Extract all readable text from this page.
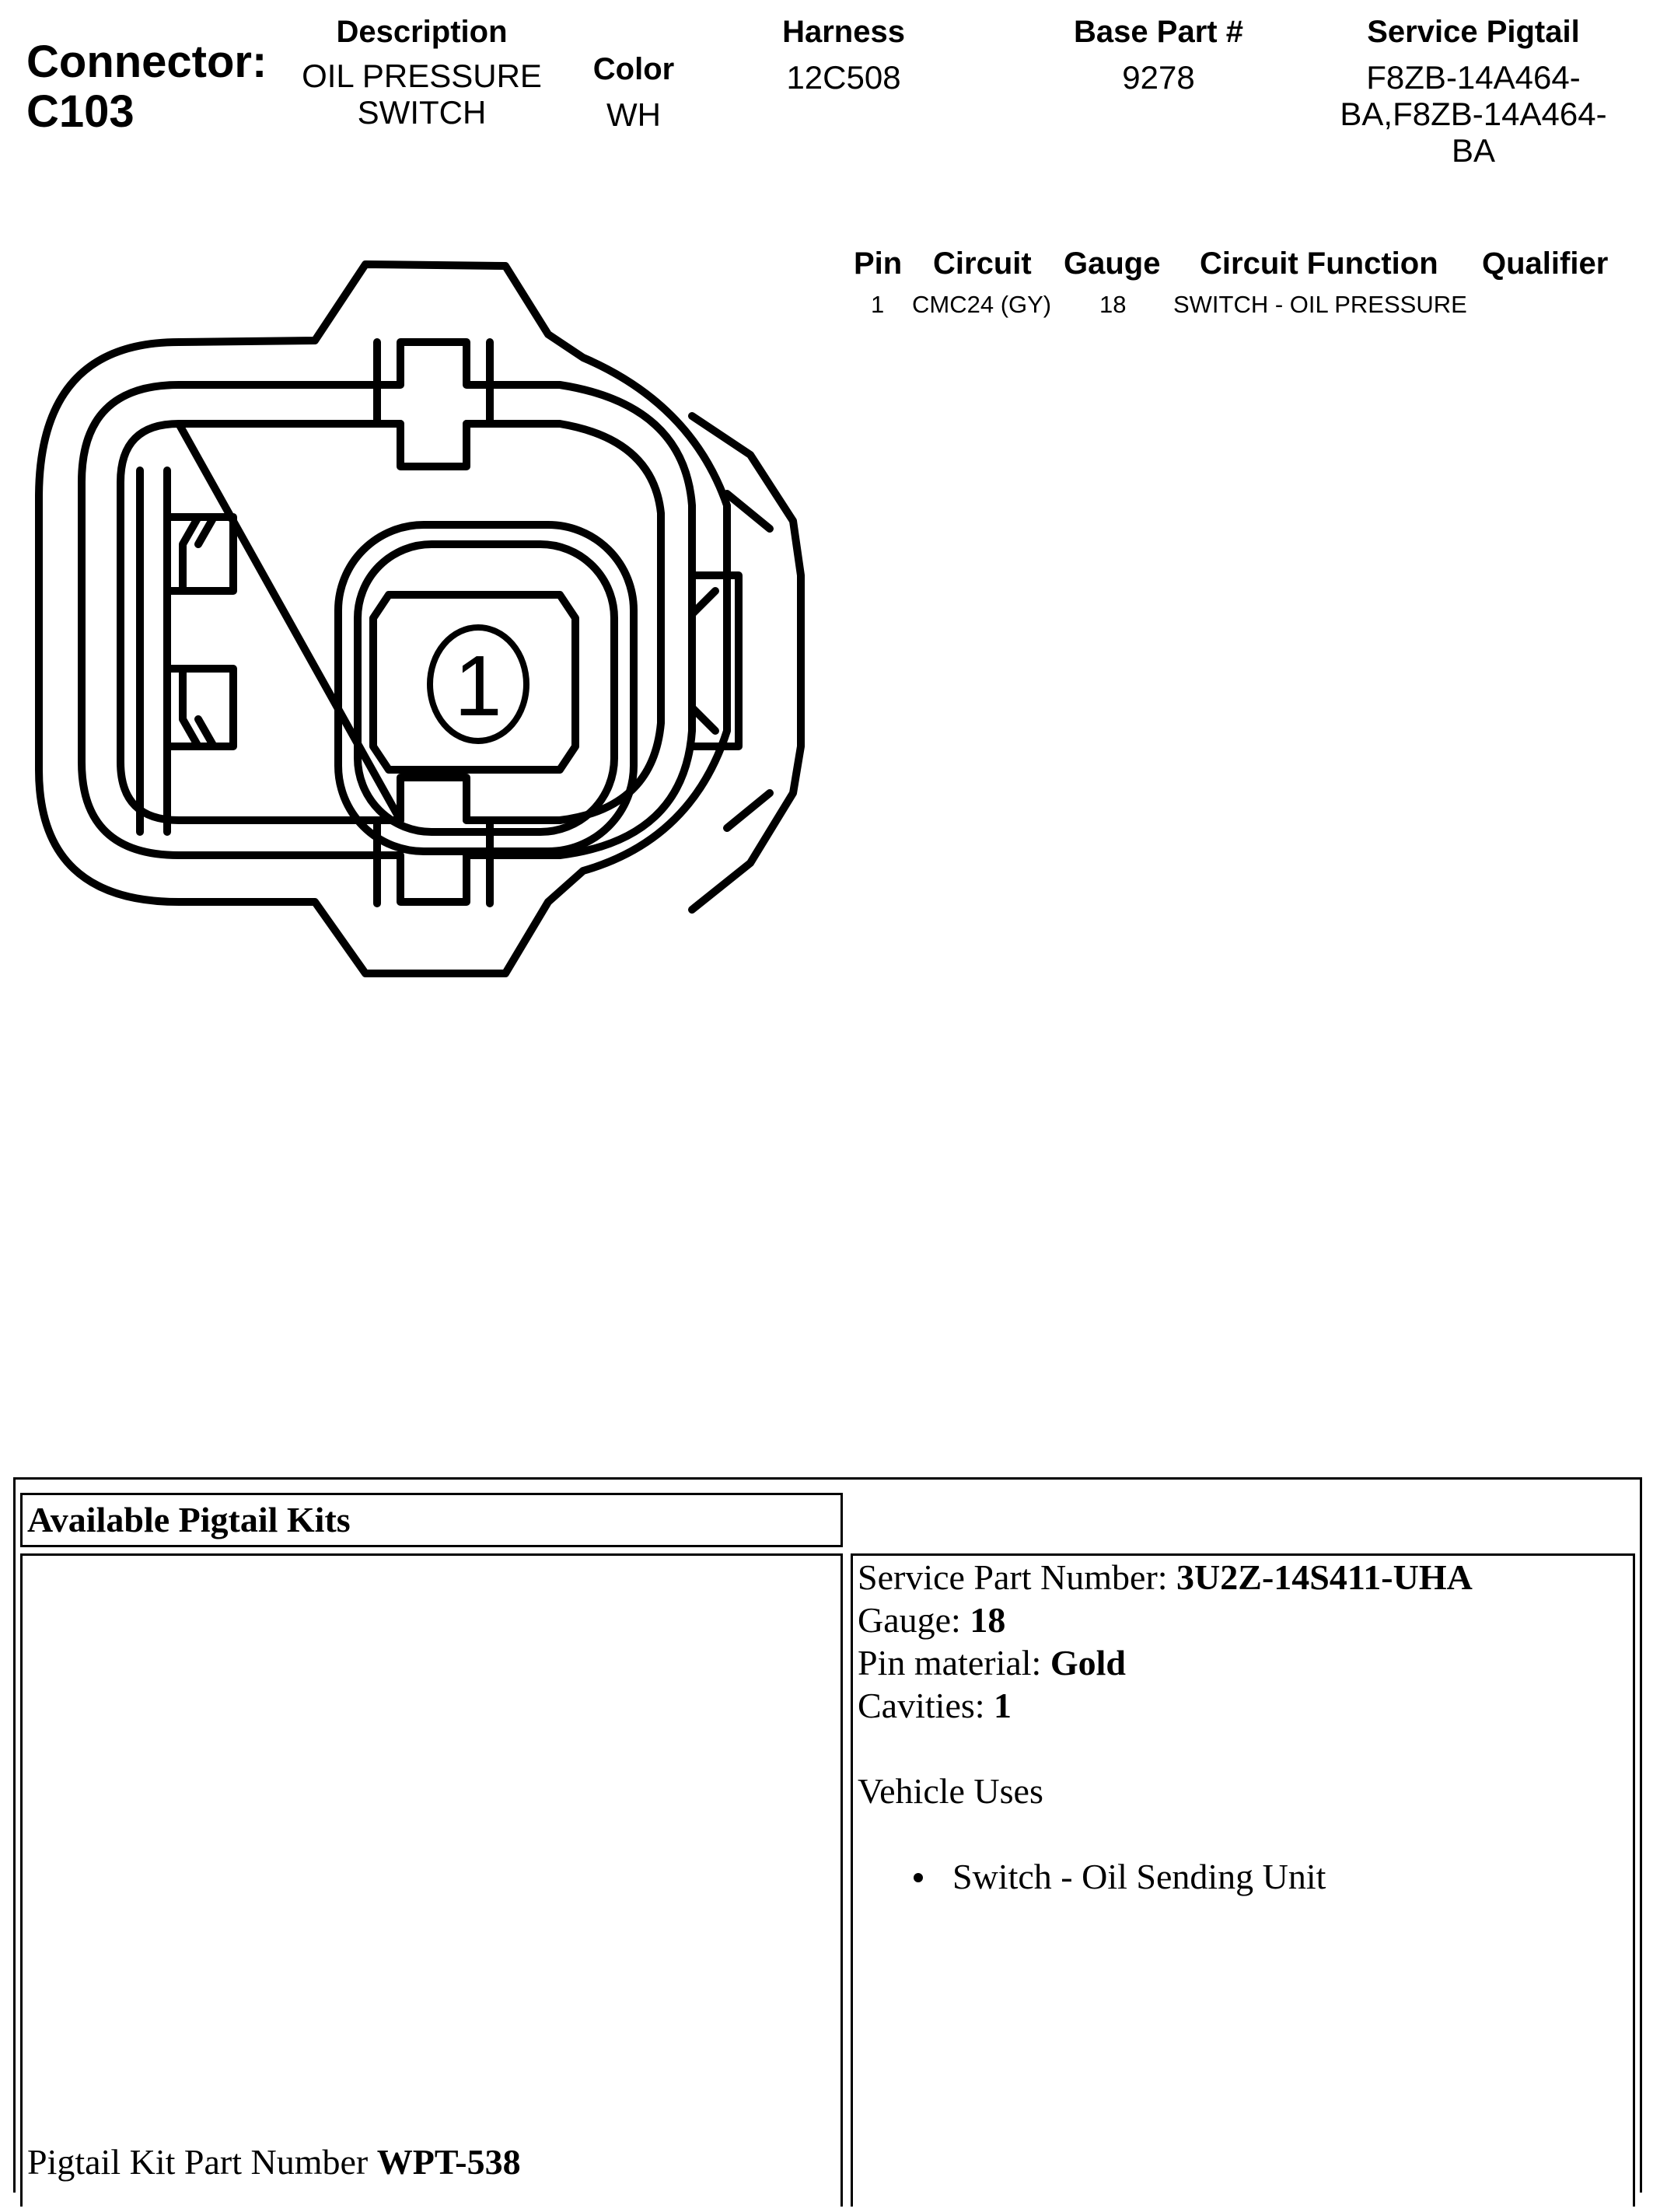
Connector:
C103
Description
OIL PRESSURE
SWITCH
Color
WH
Harness
12C508
Base Part #
9278
Service Pigtail
F8ZB-14A464-
BA,F8ZB-14A464-
BA
Pin Circuit Gauge Circuit Function Qualifier
1 CMC24 (GY) 18 SWITCH - OIL PRESSURE
1
Available Pigtail Kits
Pigtail Kit Part Number WPT-538
Service Part Number: 3U2Z-14S411-UHA
Gauge: 18
Pin material: Gold
Cavities: 1
Vehicle Uses
Switch - Oil Sending Unit
